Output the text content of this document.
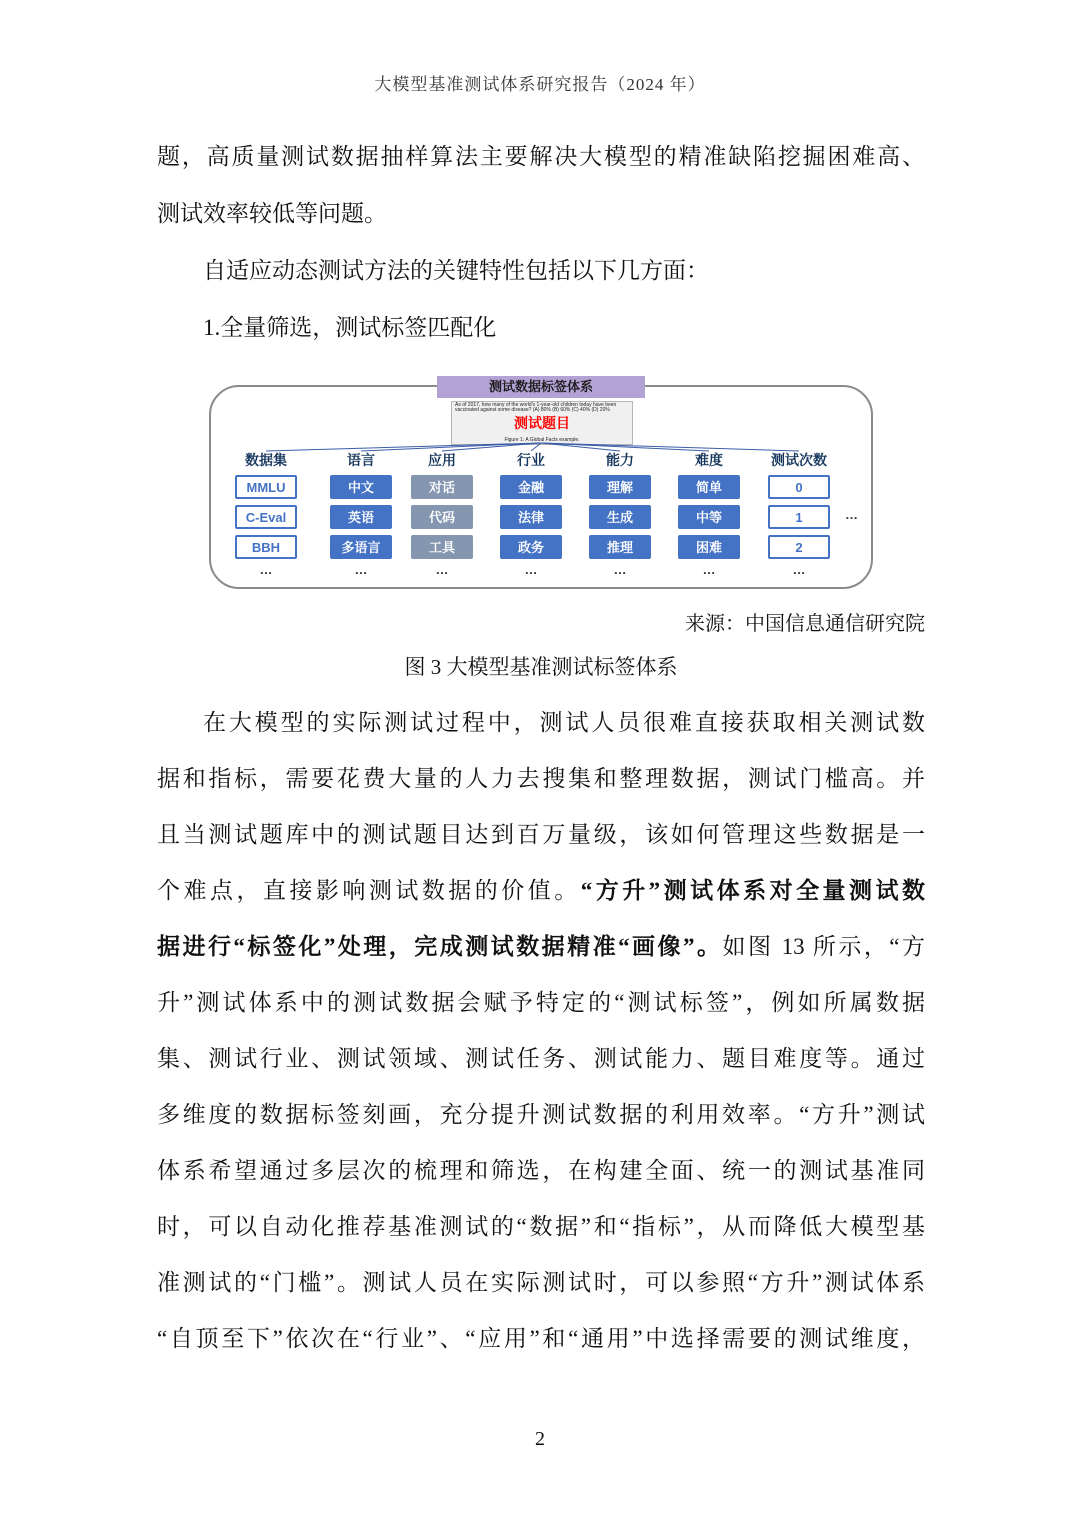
大模型基准测试体系研究报告（2024 年）
题，高质量测试数据抽样算法主要解决大模型的精准缺陷挖掘困难高、
测试效率较低等问题。
自适应动态测试方法的关键特性包括以下几方面：
1.全量筛选，测试标签匹配化
测试数据标签体系
As of 2017, how many of the world's 1-year-old children today have been vaccinated against some disease? (A) 80% (B) 60% (C) 40% (D) 20%
测试题目
Figure 1: A Global Facts example.
数据集
MMLU
C-Eval
BBH
…
语言
中文
英语
多语言
…
应用
对话
代码
工具
…
行业
金融
法律
政务
…
能力
理解
生成
推理
…
难度
简单
中等
困难
…
测试次数
0
1
2
…
…
来源：中国信息通信研究院
图 3 大模型基准测试标签体系
在大模型的实际测试过程中，测试人员很难直接获取相关测试数
据和指标，需要花费大量的人力去搜集和整理数据，测试门槛高。并
且当测试题库中的测试题目达到百万量级，该如何管理这些数据是一
个难点，直接影响测试数据的价值。“方升”测试体系对全量测试数
据进行“标签化”处理，完成测试数据精准“画像”。如图 13 所示，“方
升”测试体系中的测试数据会赋予特定的“测试标签”，例如所属数据
集、测试行业、测试领域、测试任务、测试能力、题目难度等。通过
多维度的数据标签刻画，充分提升测试数据的利用效率。“方升”测试
体系希望通过多层次的梳理和筛选，在构建全面、统一的测试基准同
时，可以自动化推荐基准测试的“数据”和“指标”，从而降低大模型基
准测试的“门槛”。测试人员在实际测试时，可以参照“方升”测试体系
“自顶至下”依次在“行业”、“应用”和“通用”中选择需要的测试维度，
2
